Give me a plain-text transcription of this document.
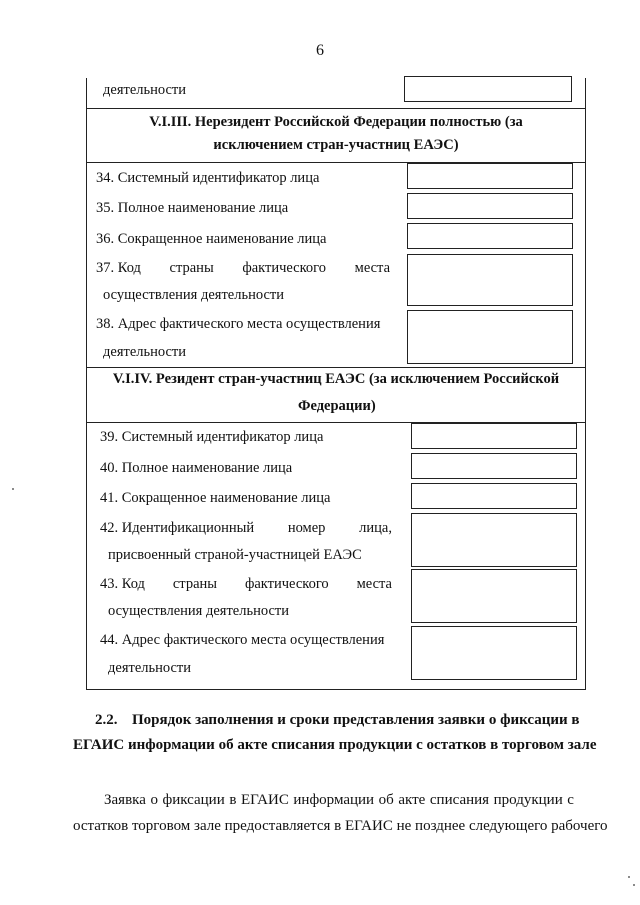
6
деятельности
V.I.III. Нерезидент Российской Федерации полностью (за
исключением стран-участниц ЕАЭС)
34. Системный идентификатор лица
35. Полное наименование лица
36. Сокращенное наименование лица
37. Код страны фактического места
осуществления деятельности
38. Адрес фактического места осуществления
деятельности
V.I.IV. Резидент стран-участниц ЕАЭС (за исключением Российской
Федерации)
39. Системный идентификатор лица
40. Полное наименование лица
41. Сокращенное наименование лица
42. Идентификационный номер лица,
присвоенный страной-участницей ЕАЭС
43. Код страны фактического места
осуществления деятельности
44. Адрес фактического места осуществления
деятельности
2.2. Порядок заполнения и сроки представления заявки о фиксации в
ЕГАИС информации об акте списания продукции с остатков в торговом зале
Заявка о фиксации в ЕГАИС информации об акте списания продукции с
остатков торговом зале предоставляется в ЕГАИС не позднее следующего рабочего
